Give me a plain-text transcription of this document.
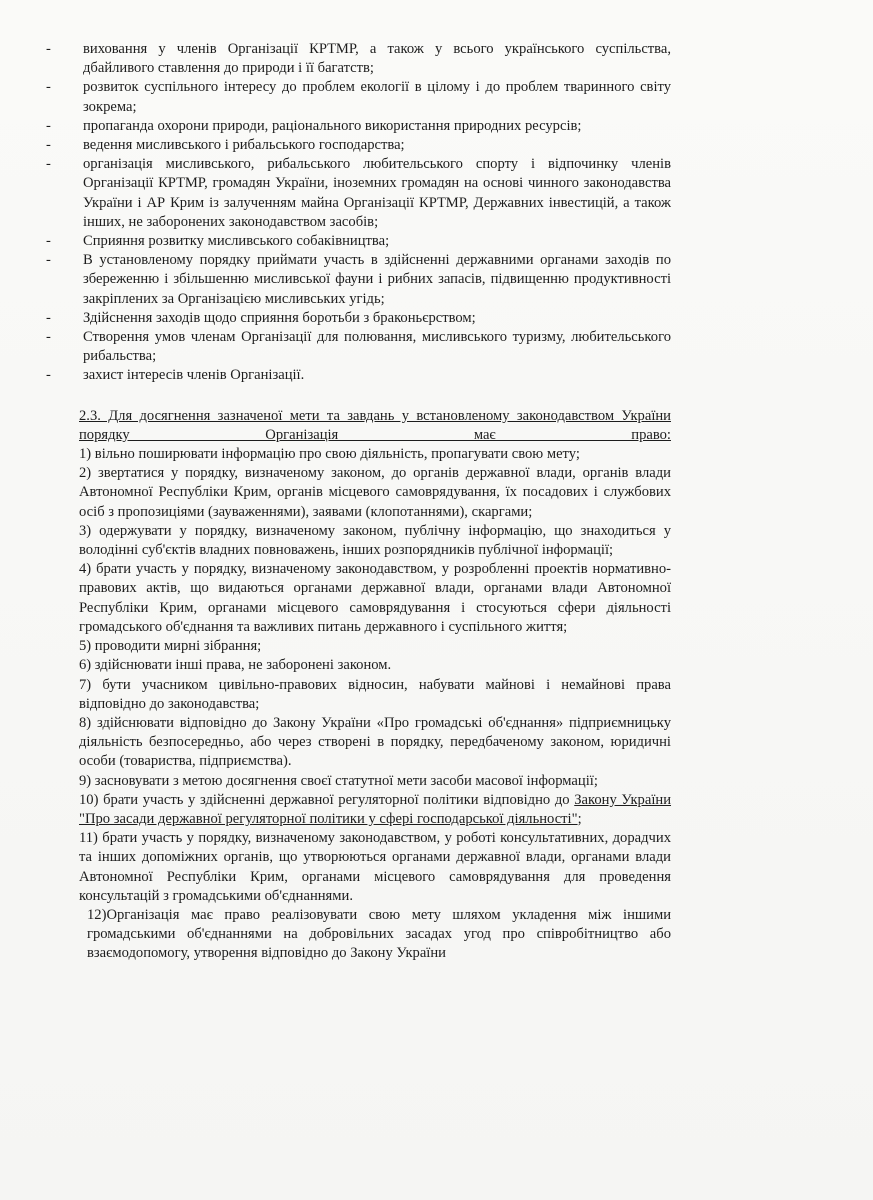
-	виховання у членів Організації КРТМР, а також у всього українського суспільства, дбайливого ставлення до природи і її багатств;
-	розвиток суспільного інтересу до проблем екології в цілому і до проблем тваринного світу зокрема;
-	пропаганда охорони природи, раціонального використання природних ресурсів;
-	ведення мисливського і рибальського господарства;
-	організація мисливського, рибальського любительського спорту і відпочинку членів Організації КРТМР, громадян України, іноземних громадян на основі чинного законодавства України і АР Крим із залученням майна Організації КРТМР, Державних інвестицій, а також інших, не заборонених законодавством засобів;
-	Сприяння розвитку мисливського собаківництва;
-	В установленому порядку приймати участь в здійсненні державними органами заходів по збереженню і збільшенню мисливської фауни і рибних запасів, підвищенню продуктивності закріплених за Організацією мисливських угідь;
-	Здійснення заходів щодо сприяння боротьби з браконьєрством;
-	Створення умов членам Організації для полювання, мисливського туризму, любительського рибальства;
-	захист інтересів членів Організації.
2.3. Для досягнення зазначеної мети та завдань у встановленому законодавством України порядку Організація має право:
1) вільно поширювати інформацію про свою діяльність, пропагувати свою мету;
2) звертатися у порядку, визначеному законом, до органів державної влади, органів влади Автономної Республіки Крим, органів місцевого самоврядування, їх посадових і службових осіб з пропозиціями (зауваженнями), заявами (клопотаннями), скаргами;
3) одержувати у порядку, визначеному законом, публічну інформацію, що знаходиться у володінні суб'єктів владних повноважень, інших розпорядників публічної інформації;
4) брати участь у порядку, визначеному законодавством, у розробленні проектів нормативно-правових актів, що видаються органами державної влади, органами влади Автономної Республіки Крим, органами місцевого самоврядування і стосуються сфери діяльності громадського об'єднання та важливих питань державного і суспільного життя;
5) проводити мирні зібрання;
6) здійснювати інші права, не заборонені законом.
7) бути учасником цивільно-правових відносин, набувати майнові і немайнові права відповідно до законодавства;
8) здійснювати відповідно до Закону України «Про громадські об'єднання» підприємницьку діяльність безпосередньо, або через створені в порядку, передбаченому законом, юридичні особи (товариства, підприємства).
9) засновувати з метою досягнення своєї статутної мети засоби масової інформації;
10) брати участь у здійсненні державної регуляторної політики відповідно до Закону України "Про засади державної регуляторної політики у сфері господарської діяльності";
11) брати участь у порядку, визначеному законодавством, у роботі консультативних, дорадчих та інших допоміжних органів, що утворюються органами державної влади, органами влади Автономної Республіки Крим, органами місцевого самоврядування для проведення консультацій з громадськими об'єднаннями.
12)Організація має право реалізовувати свою мету шляхом укладення між іншими громадськими об'єднаннями на добровільних засадах угод про співробітництво або взаємодопомогу, утворення відповідно до Закону України
